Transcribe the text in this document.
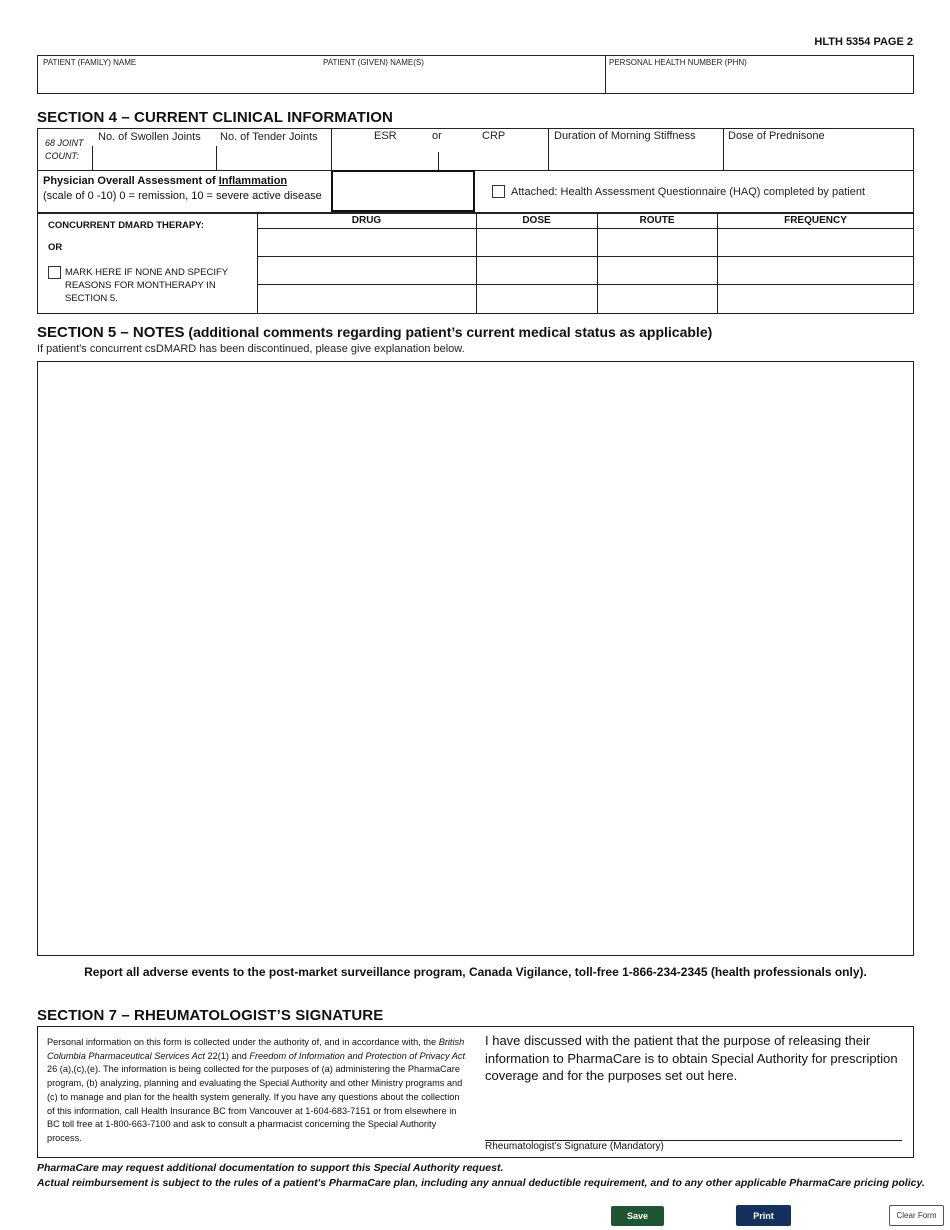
HLTH 5354 PAGE 2
PATIENT (FAMILY) NAME	PATIENT (GIVEN) NAME(S)	PERSONAL HEALTH NUMBER (PHN)
SECTION 4 – CURRENT CLINICAL INFORMATION
68 JOINT COUNT:
No. of Swollen Joints No. of Tender Joints	ESR	or	CRP	Duration of Morning Stiffness	Dose of Prednisone
Physician Overall Assessment of Inflammation
(scale of 0 -10) 0 = remission, 10 = severe active disease	Attached: Health Assessment Questionnaire (HAQ) completed by patient
DRUG	DOSE	ROUTE	FREQUENCY
CONCURRENT DMARD THERAPY:
OR
MARK HERE IF NONE AND SPECIFY REASONS FOR MONTHERAPY IN SECTION 5.
SECTION 5 – NOTES (additional comments regarding patient’s current medical status as applicable)
If patient's concurrent csDMARD has been discontinued, please give explanation below.
Report all adverse events to the post-market surveillance program, Canada Vigilance, toll-free 1-866-234-2345 (health professionals only).
SECTION 7 – RHEUMATOLOGIST’S SIGNATURE
Personal information on this form is collected under the authority of, and in accordance with, the British Columbia Pharmaceutical Services Act 22(1) and Freedom of Information and Protection of Privacy Act 26 (a),(c),(e). The information is being collected for the purposes of (a) administering the PharmaCare program, (b) analyzing, planning and evaluating the Special Authority and other Ministry programs and (c) to manage and plan for the health system generally. If you have any questions about the collection of this information, call Health Insurance BC from Vancouver at 1-604-683-7151 or from elsewhere in BC toll free at 1-800-663-7100 and ask to consult a pharmacist concerning the Special Authority process.
I have discussed with the patient that the purpose of releasing their information to PharmaCare is to obtain Special Authority for prescription coverage and for the purposes set out here.
Rheumatologist’s Signature (Mandatory)
PharmaCare may request additional documentation to support this Special Authority request.
Actual reimbursement is subject to the rules of a patient's PharmaCare plan, including any annual deductible requirement, and to any other applicable PharmaCare pricing policy.
Save	Print	Clear Form
